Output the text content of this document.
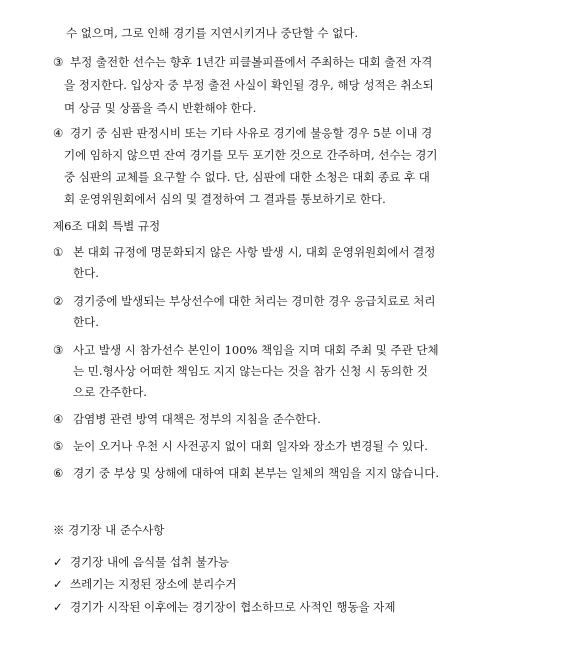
수 없으며, 그로 인해 경기를 지연시키거나 중단할 수 없다.
③ 부정 출전한 선수는 향후 1년간 피클볼피플에서 주최하는 대회 출전 자격
을 정지한다. 입상자 중 부정 출전 사실이 확인될 경우, 해당 성적은 취소되
며 상금 및 상품을 즉시 반환해야 한다.
④ 경기 중 심판 판정시비 또는 기타 사유로 경기에 불응할 경우 5분 이내 경
기에 임하지 않으면 잔여 경기를 모두 포기한 것으로 간주하며, 선수는 경기
중 심판의 교체를 요구할 수 없다. 단, 심판에 대한 소청은 대회 종료 후 대
회 운영위원회에서 심의 및 결정하여 그 결과를 통보하기로 한다.
제6조 대회 특별 규정
① 본 대회 규정에 명문화되지 않은 사항 발생 시, 대회 운영위원회에서 결정
한다.
② 경기중에 발생되는 부상선수에 대한 처리는 경미한 경우 응급치료로 처리
한다.
③ 사고 발생 시 참가선수 본인이 100% 책임을 지며 대회 주최 및 주관 단체
는 민.형사상 어떠한 책임도 지지 않는다는 것을 참가 신청 시 동의한 것
으로 간주한다.
④ 감염병 관련 방역 대책은 정부의 지침을 준수한다.
⑤ 눈이 오거나 우천 시 사전공지 없이 대회 일자와 장소가 변경될 수 있다.
⑥ 경기 중 부상 및 상해에 대하여 대회 본부는 일체의 책임을 지지 않습니다.
※ 경기장 내 준수사항
✓ 경기장 내에 음식물 섭취 불가능
✓ 쓰레기는 지정된 장소에 분리수거
✓ 경기가 시작된 이후에는 경기장이 협소하므로 사적인 행동을 자제
